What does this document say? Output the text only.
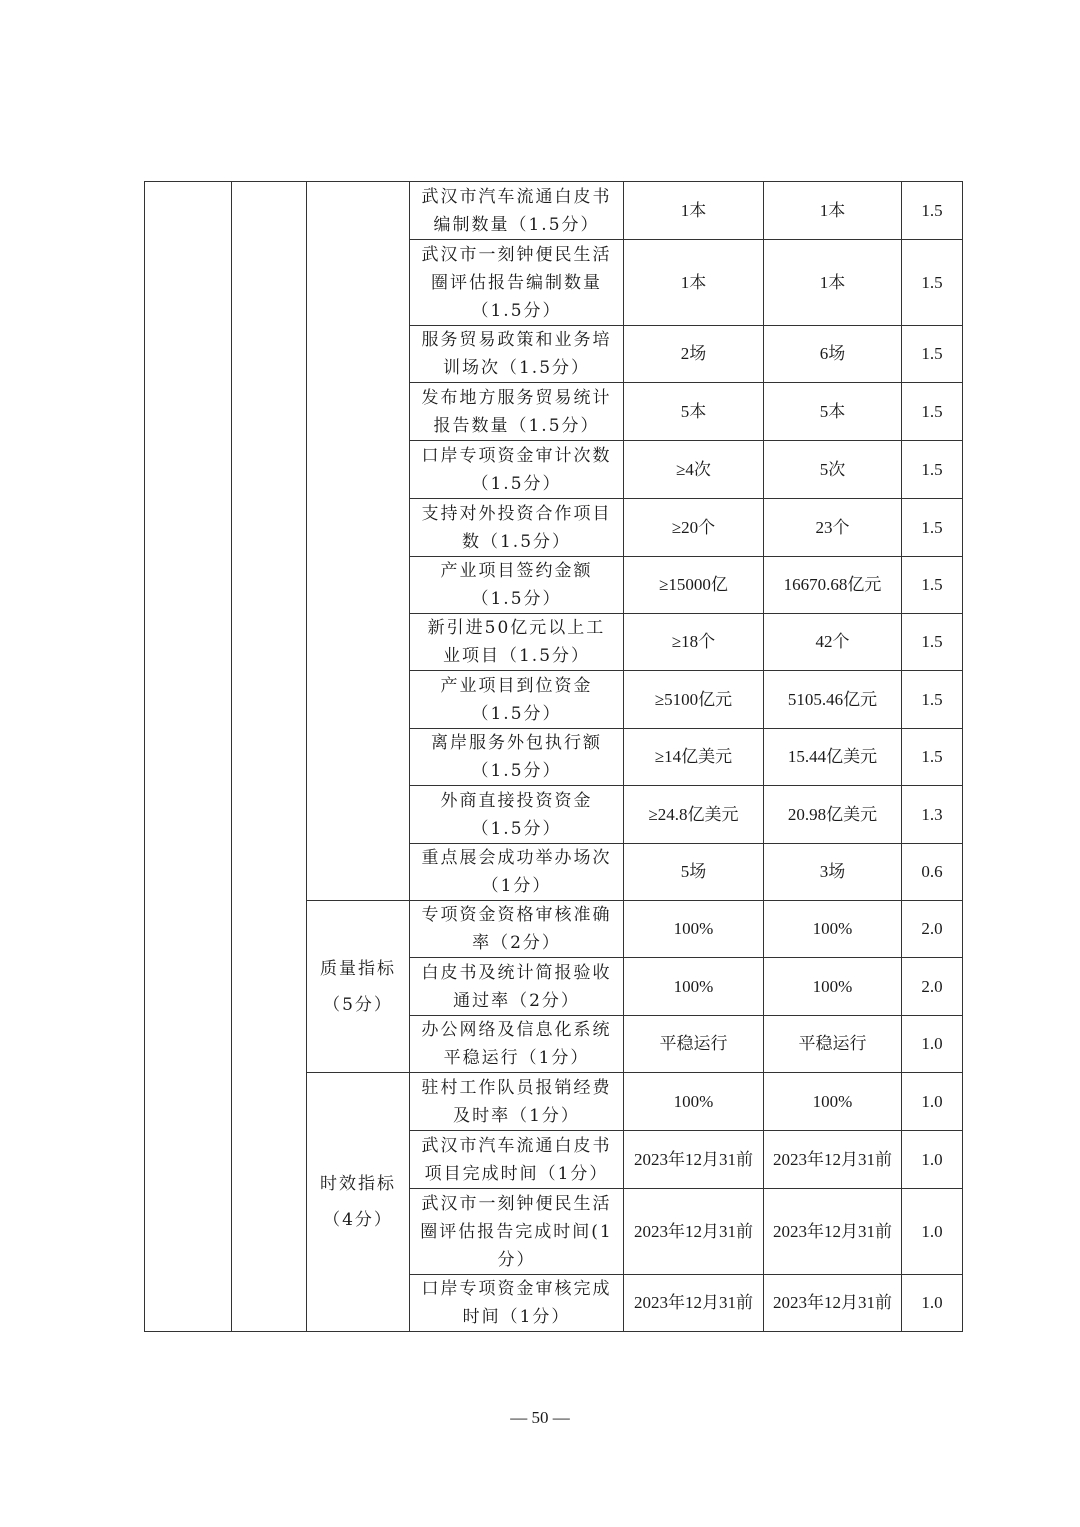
			武汉市汽车流通白皮书
编制数量（1.5分）	1本	1本	1.5

			武汉市一刻钟便民生活
圈评估报告编制数量
（1.5分）	1本	1本	1.5

			服务贸易政策和业务培
训场次（1.5分）	2场	6场	1.5

			发布地方服务贸易统计
报告数量（1.5分）	5本	5本	1.5

			口岸专项资金审计次数
（1.5分）	≥4次	5次	1.5

			支持对外投资合作项目
数（1.5分）	≥20个	23个	1.5

			产业项目签约金额
（1.5分）	≥15000亿	16670.68亿元	1.5

			新引进50亿元以上工
业项目（1.5分）	≥18个	42个	1.5

			产业项目到位资金
（1.5分）	≥5100亿元	5105.46亿元	1.5

			离岸服务外包执行额
（1.5分）	≥14亿美元	15.44亿美元	1.5

			外商直接投资资金
（1.5分）	≥24.8亿美元	20.98亿美元	1.3

			重点展会成功举办场次
（1分）	5场	3场	0.6

		质量指标
（5分）	专项资金资格审核准确
率（2分）	100%	100%	2.0

			白皮书及统计简报验收
通过率（2分）	100%	100%	2.0

			办公网络及信息化系统
平稳运行（1分）	平稳运行	平稳运行	1.0

		时效指标
（4分）	驻村工作队员报销经费
及时率（1分）	100%	100%	1.0

			武汉市汽车流通白皮书
项目完成时间（1分）	2023年12月31前	2023年12月31前	1.0

			武汉市一刻钟便民生活
圈评估报告完成时间(1
分）	2023年12月31前	2023年12月31前	1.0

			口岸专项资金审核完成
时间（1分）	2023年12月31前	2023年12月31前	1.0
— 50 —
